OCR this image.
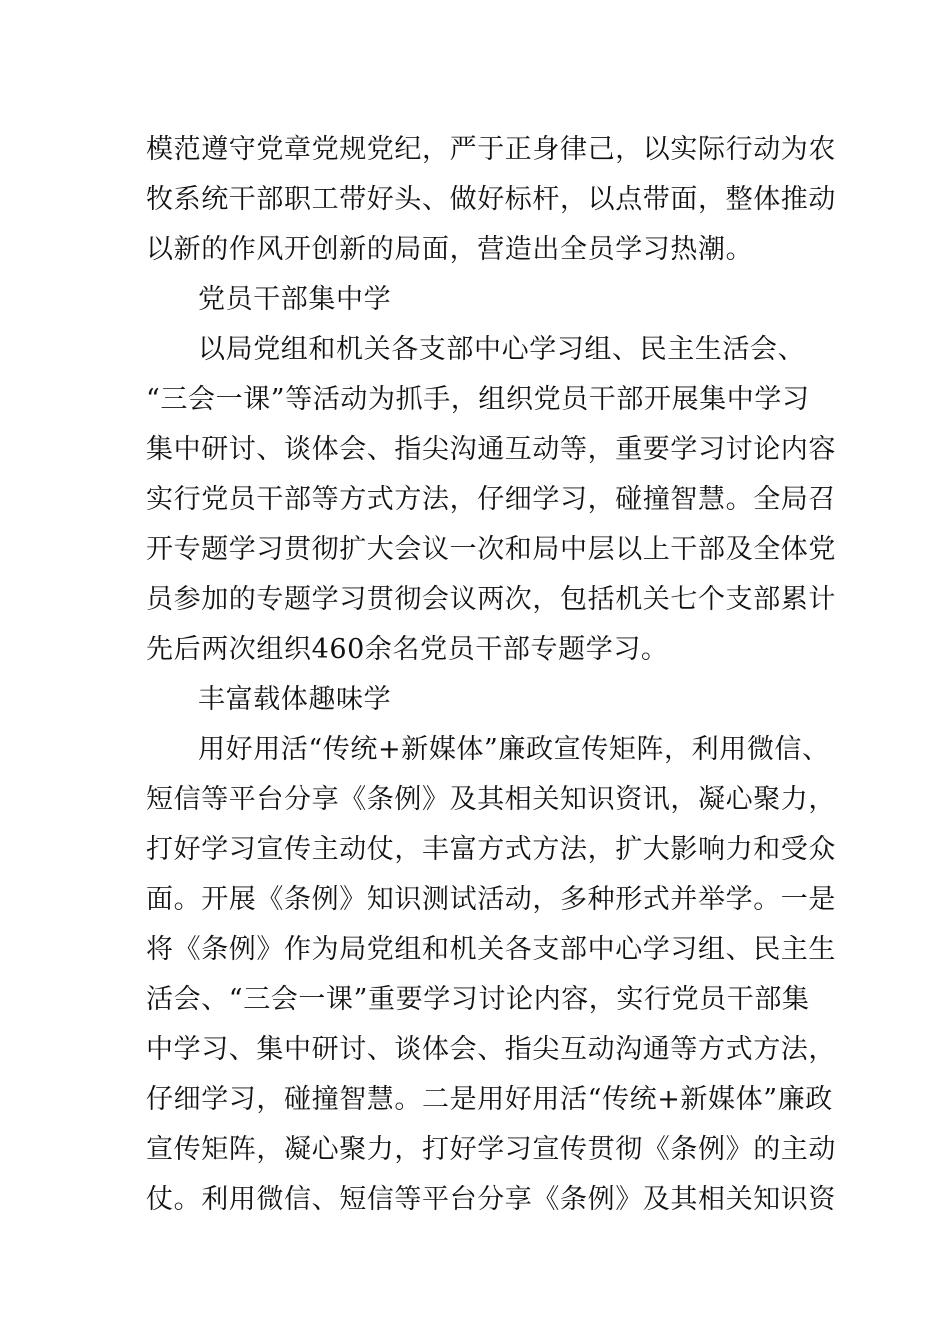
模范遵守党章党规党纪，严于正身律己，以实际行动为农
牧系统干部职工带好头、做好标杆，以点带面，整体推动
以新的作风开创新的局面，营造出全员学习热潮。
党员干部集中学
以局党组和机关各支部中心学习组、民主生活会、
“三会一课”等活动为抓手，组织党员干部开展集中学习
集中研讨、谈体会、指尖沟通互动等，重要学习讨论内容
实行党员干部等方式方法，仔细学习，碰撞智慧。全局召
开专题学习贯彻扩大会议一次和局中层以上干部及全体党
员参加的专题学习贯彻会议两次，包括机关七个支部累计
先后两次组织460余名党员干部专题学习。
丰富载体趣味学
用好用活“传统+新媒体”廉政宣传矩阵，利用微信、
短信等平台分享《条例》及其相关知识资讯，凝心聚力，
打好学习宣传主动仗，丰富方式方法，扩大影响力和受众
面。开展《条例》知识测试活动，多种形式并举学。一是
将《条例》作为局党组和机关各支部中心学习组、民主生
活会、“三会一课”重要学习讨论内容，实行党员干部集
中学习、集中研讨、谈体会、指尖互动沟通等方式方法，
仔细学习，碰撞智慧。二是用好用活“传统+新媒体”廉政
宣传矩阵，凝心聚力，打好学习宣传贯彻《条例》的主动
仗。利用微信、短信等平台分享《条例》及其相关知识资
